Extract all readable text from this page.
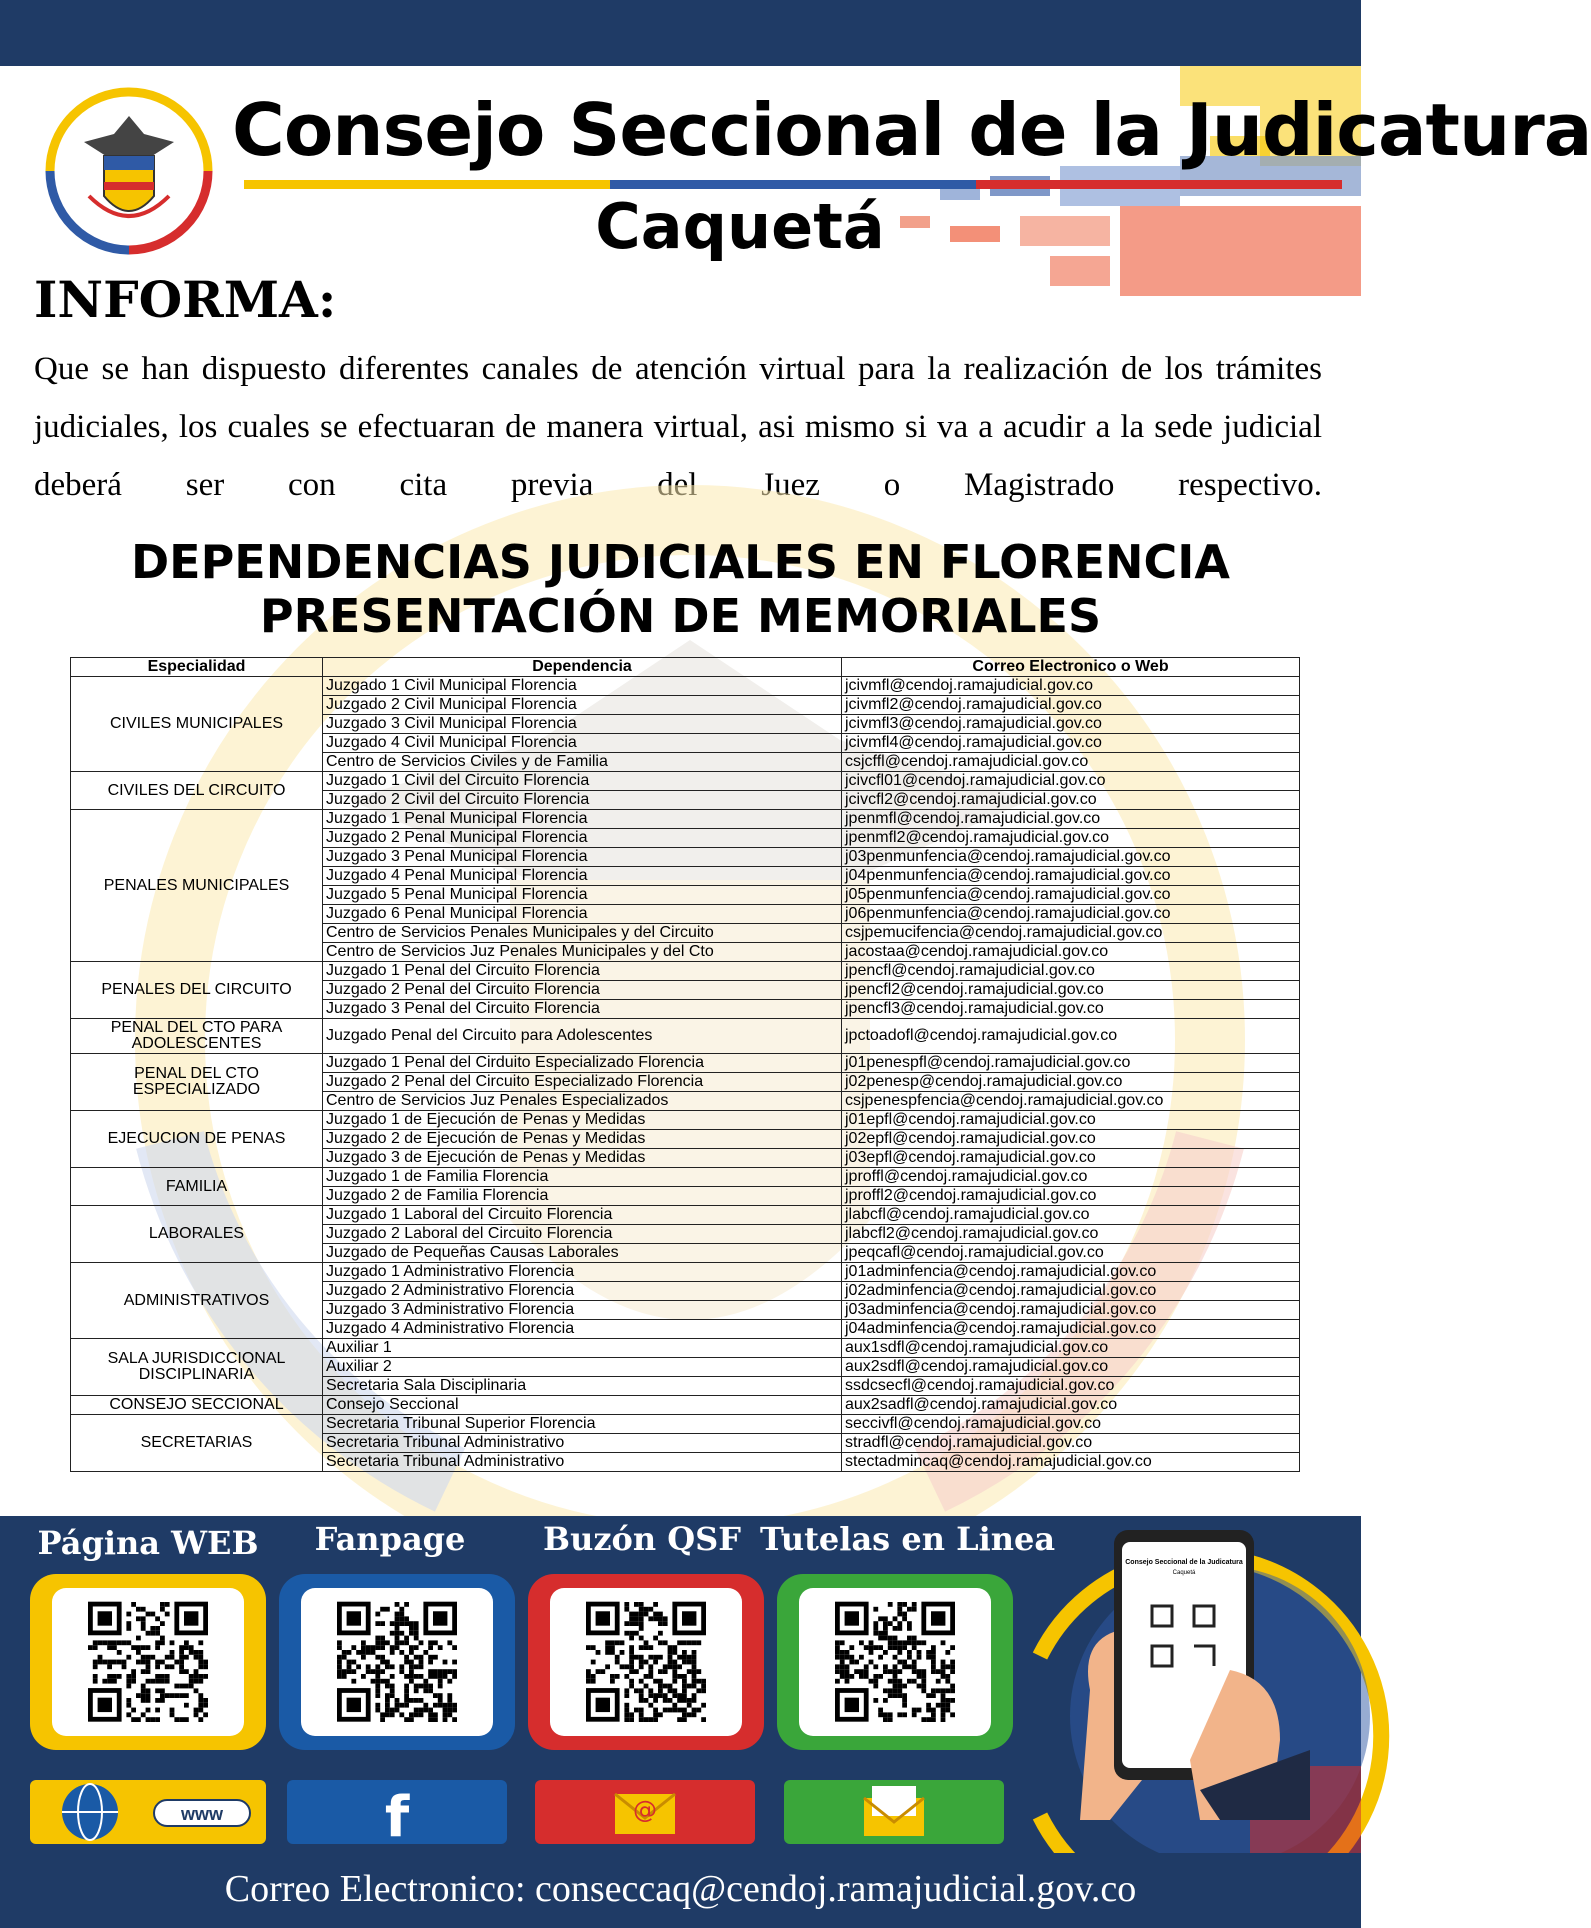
Consejo Seccional de la Judicatura
Caquetá
INFORMA:
Que se han dispuesto diferentes canales de atención virtual para la realización de los trámites judiciales, los cuales se efectuaran de manera virtual, asi mismo si va a acudir a la sede judicial deberá ser con cita previa del Juez o Magistrado respectivo.
DEPENDENCIAS JUDICIALES EN FLORENCIA
PRESENTACIÓN DE MEMORIALES
Especialidad	Dependencia	Correo Electronico o Web
CIVILES MUNICIPALES	Juzgado 1 Civil Municipal Florencia	jcivmfl@cendoj.ramajudicial.gov.co
	Juzgado 2 Civil Municipal Florencia	jcivmfl2@cendoj.ramajudicial.gov.co
	Juzgado 3 Civil Municipal Florencia	jcivmfl3@cendoj.ramajudicial.gov.co
	Juzgado 4 Civil Municipal Florencia	jcivmfl4@cendoj.ramajudicial.gov.co
	Centro de Servicios Civiles y de Familia	csjcffl@cendoj.ramajudicial.gov.co
CIVILES DEL CIRCUITO	Juzgado 1 Civil del Circuito Florencia	jcivcfl01@cendoj.ramajudicial.gov.co
	Juzgado 2 Civil del Circuito Florencia	jcivcfl2@cendoj.ramajudicial.gov.co
PENALES MUNICIPALES	Juzgado 1 Penal Municipal Florencia	jpenmfl@cendoj.ramajudicial.gov.co
	Juzgado 2 Penal Municipal Florencia	jpenmfl2@cendoj.ramajudicial.gov.co
	Juzgado 3 Penal Municipal Florencia	j03penmunfencia@cendoj.ramajudicial.gov.co
	Juzgado 4 Penal Municipal Florencia	j04penmunfencia@cendoj.ramajudicial.gov.co
	Juzgado 5 Penal Municipal Florencia	j05penmunfencia@cendoj.ramajudicial.gov.co
	Juzgado 6 Penal Municipal Florencia	j06penmunfencia@cendoj.ramajudicial.gov.co
	Centro de Servicios Penales Municipales y del Circuito	csjpemucifencia@cendoj.ramajudicial.gov.co
	Centro de Servicios Juz Penales Municipales y del Cto	jacostaa@cendoj.ramajudicial.gov.co
PENALES DEL CIRCUITO	Juzgado 1 Penal del Circuito Florencia	jpencfl@cendoj.ramajudicial.gov.co
	Juzgado 2 Penal del Circuito Florencia	jpencfl2@cendoj.ramajudicial.gov.co
	Juzgado 3 Penal del Circuito Florencia	jpencfl3@cendoj.ramajudicial.gov.co
PENAL DEL CTO PARA ADOLESCENTES	Juzgado Penal del Circuito para Adolescentes	jpctoadofl@cendoj.ramajudicial.gov.co
PENAL DEL CTO ESPECIALIZADO	Juzgado 1 Penal del Cirduito Especializado Florencia	j01penespfl@cendoj.ramajudicial.gov.co
	Juzgado 2 Penal del Circuito Especializado Florencia	j02penesp@cendoj.ramajudicial.gov.co
	Centro de Servicios Juz Penales Especializados	csjpenespfencia@cendoj.ramajudicial.gov.co
EJECUCION DE PENAS	Juzgado 1 de Ejecución de Penas y Medidas	j01epfl@cendoj.ramajudicial.gov.co
	Juzgado 2 de Ejecución de Penas y Medidas	j02epfl@cendoj.ramajudicial.gov.co
	Juzgado 3 de Ejecución de Penas y Medidas	j03epfl@cendoj.ramajudicial.gov.co
FAMILIA	Juzgado 1 de Familia Florencia	jproffl@cendoj.ramajudicial.gov.co
	Juzgado 2 de Familia Florencia	jproffl2@cendoj.ramajudicial.gov.co
LABORALES	Juzgado 1 Laboral del Circuito Florencia	jlabcfl@cendoj.ramajudicial.gov.co
	Juzgado 2 Laboral del Circuito Florencia	jlabcfl2@cendoj.ramajudicial.gov.co
	Juzgado de Pequeñas Causas Laborales	jpeqcafl@cendoj.ramajudicial.gov.co
ADMINISTRATIVOS	Juzgado 1 Administrativo Florencia	j01adminfencia@cendoj.ramajudicial.gov.co
	Juzgado 2 Administrativo Florencia	j02adminfencia@cendoj.ramajudicial.gov.co
	Juzgado 3 Administrativo Florencia	j03adminfencia@cendoj.ramajudicial.gov.co
	Juzgado 4 Administrativo Florencia	j04adminfencia@cendoj.ramajudicial.gov.co
SALA JURISDICCIONAL DISCIPLINARIA	Auxiliar 1	aux1sdfl@cendoj.ramajudicial.gov.co
	Auxiliar 2	aux2sdfl@cendoj.ramajudicial.gov.co
	Secretaria Sala Disciplinaria	ssdcsecfl@cendoj.ramajudicial.gov.co
CONSEJO SECCIONAL	Consejo Seccional	aux2sadfl@cendoj.ramajudicial.gov.co
SECRETARIAS	Secretaria Tribunal Superior Florencia	seccivfl@cendoj.ramajudicial.gov.co
	Secretaria Tribunal Administrativo	stradfl@cendoj.ramajudicial.gov.co
	Secretaria Tribunal Administrativo	stectadmincaq@cendoj.ramajudicial.gov.co
Página WEB	Fanpage	Buzón QSF Tutelas en Linea
www	f	@
Consejo Seccional de la Judicatura
Caquetá
Correo Electronico: conseccaq@cendoj.ramajudicial.gov.co
